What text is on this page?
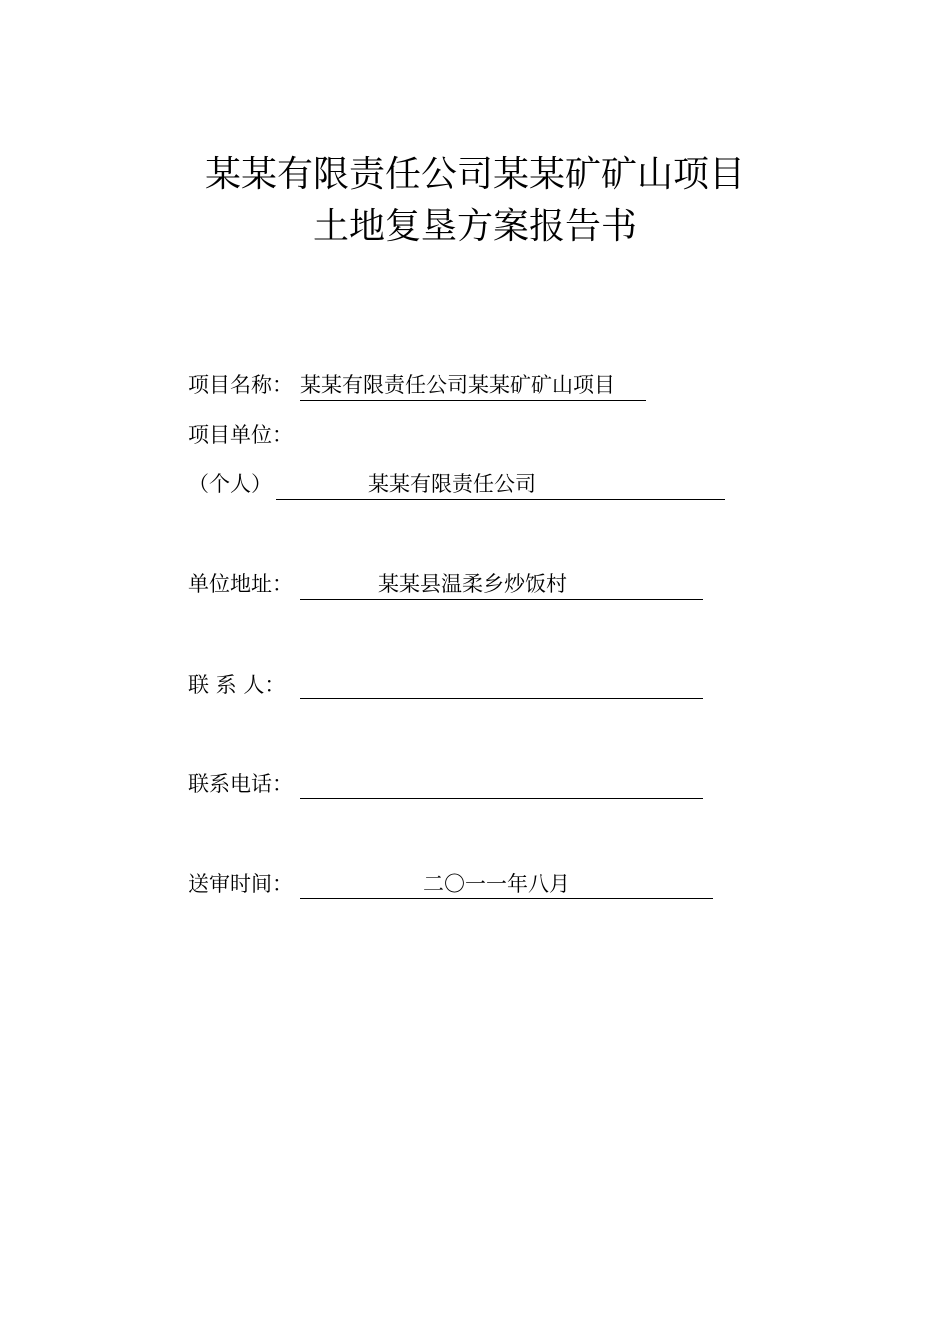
某某有限责任公司某某矿矿山项目
土地复垦方案报告书
项目名称： 某某有限责任公司某某矿矿山项目
项目单位：
（个人）	某某有限责任公司
单位地址：	某某县温柔乡炒饭村
联 系 人：
联系电话：
送审时间：	二〇一一年八月
